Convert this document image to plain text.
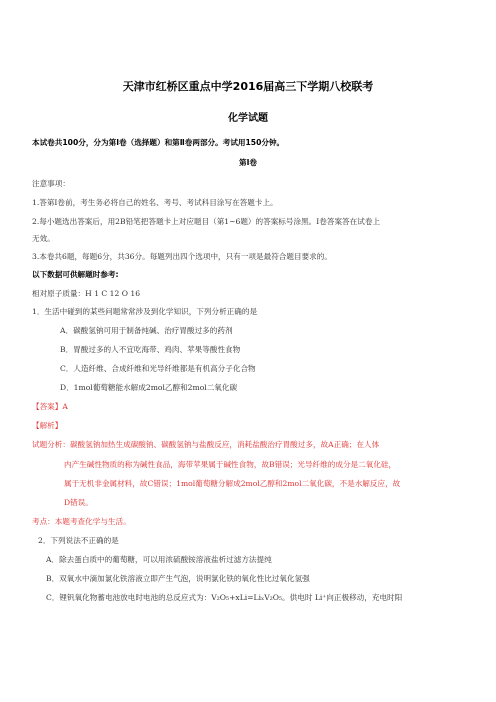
天津市红桥区重点中学2016届高三下学期八校联考
化学试题
本试卷共100分，分为第Ⅰ卷（选择题）和第Ⅱ卷两部分。考试用150分钟。
第Ⅰ卷
注意事项：
1.答第Ⅰ卷前，考生务必将自己的姓名、考号、考试科目涂写在答题卡上。
2.每小题选出答案后，用2B铅笔把答题卡上对应题目（第1~6题）的答案标号涂黑。Ⅰ卷答案答在试卷上
无效。
3.本卷共6题，每题6分，共36分。每题列出四个选项中，只有一项是最符合题目要求的。
以下数据可供解题时参考:
相对原子质量：H 1 C 12 O 16
1．生活中碰到的某些问题常常涉及到化学知识，下列分析正确的是
A．碳酸氢钠可用于制备纯碱、治疗胃酸过多的药剂
B．胃酸过多的人不宜吃海带、鸡肉、苹果等酸性食物
C．人造纤维、合成纤维和光导纤维都是有机高分子化合物
D．1mol葡萄糖能水解成2mol乙醇和2mol二氧化碳
【答案】A
【解析】
试题分析：碳酸氢钠加热生成碳酸钠、碳酸氢钠与盐酸反应，消耗盐酸治疗胃酸过多，故A正确；在人体
内产生碱性物质的称为碱性食品，海带苹果属于碱性食物，故B错误；光导纤维的成分是二氧化硅，
属于无机非金属材料，故C错误；1mol葡萄糖分解成2mol乙醇和2mol二氧化碳，不是水解反应，故
D错误。
考点：本题考查化学与生活。
2．下列说法不正确的是
A．除去蛋白质中的葡萄糖，可以用浓硫酸铵溶液盐析过滤方法提纯
B．双氧水中滴加氯化铁溶液立即产生气泡，说明氯化铁的氧化性比过氧化氢强
C．锂钒氧化物蓄电池放电时电池的总反应式为：V₂O₅+xLi=LiₓV₂O₅。供电时 Li⁺向正极移动，充电时阳
